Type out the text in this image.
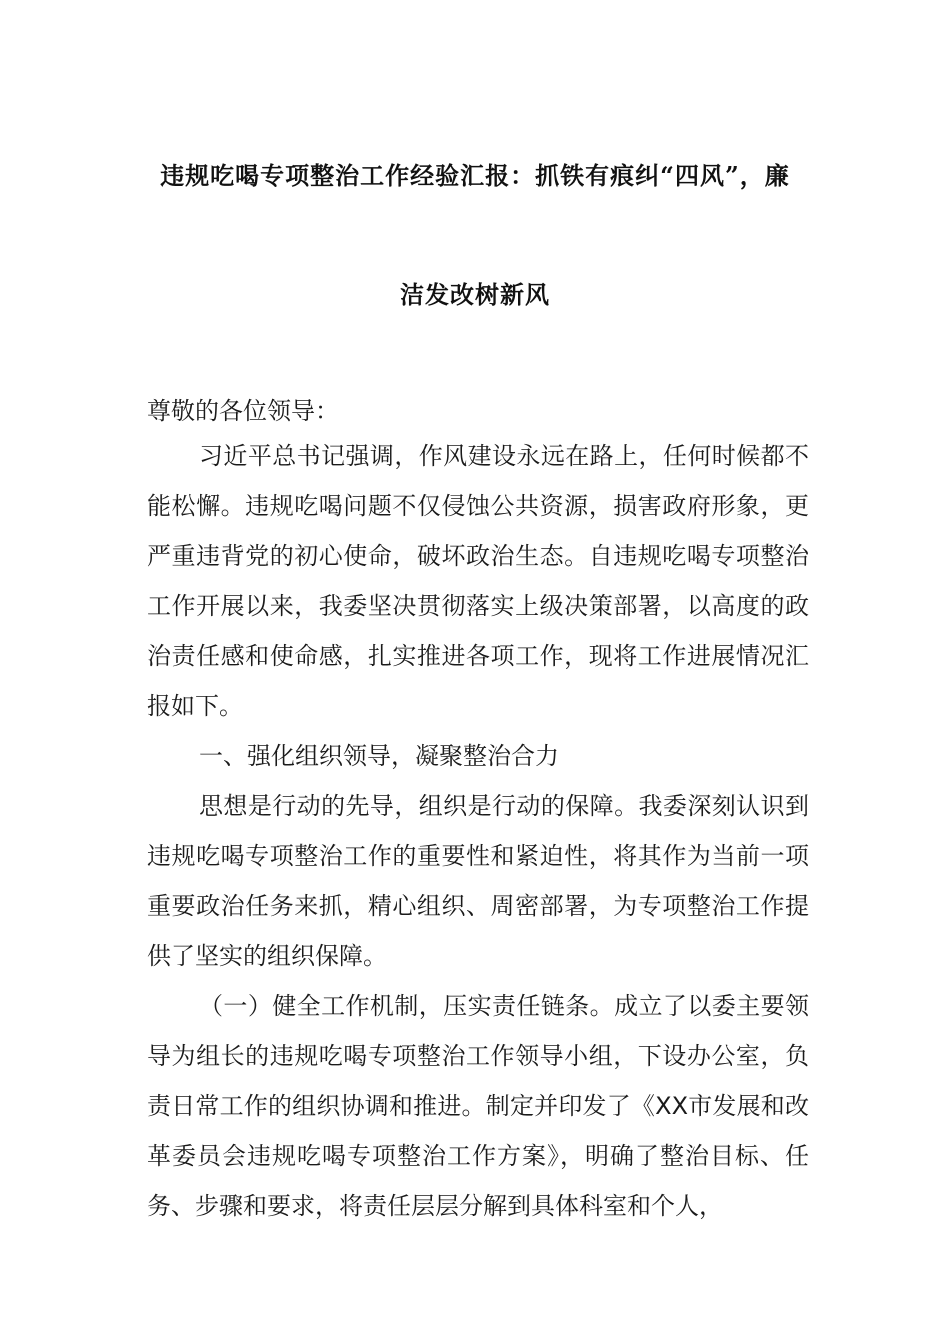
违规吃喝专项整治工作经验汇报：抓铁有痕纠“四风”，廉
洁发改树新风
尊敬的各位领导：

习近平总书记强调，作风建设永远在路上，任何时候都不能松懈。违规吃喝问题不仅侵蚀公共资源，损害政府形象，更严重违背党的初心使命，破坏政治生态。自违规吃喝专项整治工作开展以来，我委坚决贯彻落实上级决策部署，以高度的政治责任感和使命感，扎实推进各项工作，现将工作进展情况汇报如下。

一、强化组织领导，凝聚整治合力

思想是行动的先导，组织是行动的保障。我委深刻认识到违规吃喝专项整治工作的重要性和紧迫性，将其作为当前一项重要政治任务来抓，精心组织、周密部署，为专项整治工作提供了坚实的组织保障。

（一）健全工作机制，压实责任链条。成立了以委主要领导为组长的违规吃喝专项整治工作领导小组，下设办公室，负责日常工作的组织协调和推进。制定并印发了《XX市发展和改革委员会违规吃喝专项整治工作方案》，明确了整治目标、任务、步骤和要求，将责任层层分解到具体科室和个人，
